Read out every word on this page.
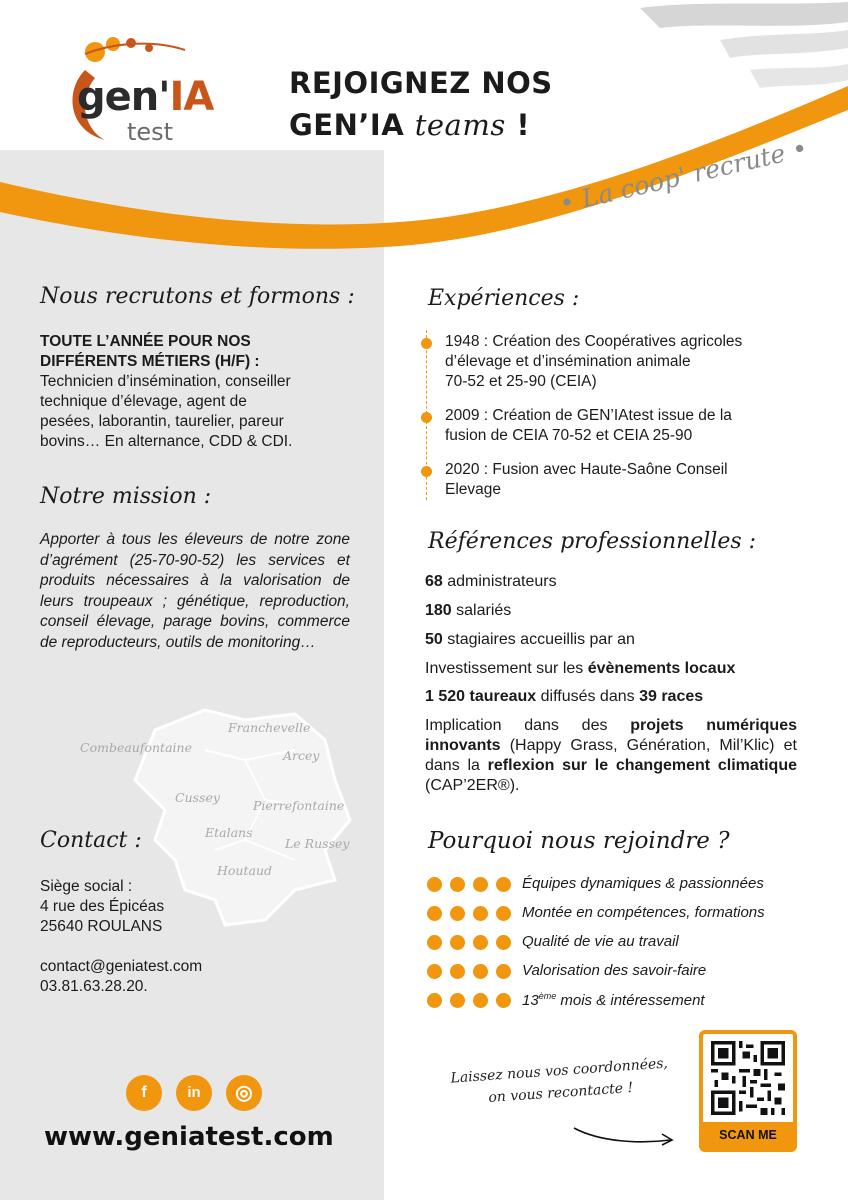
gen'IA
test
REJOIGNEZ NOS
GEN’IA teams !
• La coop' recrute •
Nous recrutons et formons :
TOUTE L’ANNÉE POUR NOS
DIFFÉRENTS MÉTIERS (H/F) :
Technicien d’insémination, conseiller
technique d’élevage, agent de
pesées, laborantin, taurelier, pareur
bovins… En alternance, CDD & CDI.
Notre mission :
Apporter à tous les éleveurs de notre zone d’agrément (25-70-90-52) les services et produits nécessaires à la valorisation de leurs troupeaux ; génétique, reproduction, conseil élevage, parage bovins, commerce de reproducteurs, outils de monitoring…
Franchevelle
Combeaufontaine
Arcey
Cussey
Pierrefontaine
Etalans
Le Russey
Houtaud
Contact :
Siège social :
4 rue des Épicéas
25640 ROULANS
contact@geniatest.com
03.81.63.28.20.
f	in	◎
www.geniatest.com
Expériences :
1948 : Création des Coopératives agricoles
d’élevage et d’insémination animale
70-52 et 25-90 (CEIA)
2009 : Création de GEN’IAtest issue de la
fusion de CEIA 70-52 et CEIA 25-90
2020 : Fusion avec Haute-Saône Conseil
Elevage
Références professionnelles :
68 administrateurs
180 salariés
50 stagiaires accueillis par an
Investissement sur les évènements locaux
1 520 taureaux diffusés dans 39 races
Implication dans des projets numériques innovants (Happy Grass, Génération, Mil’Klic) et dans la reflexion sur le changement climatique (CAP’2ER®).
Pourquoi nous rejoindre ?
Équipes dynamiques & passionnées
Montée en compétences, formations
Qualité de vie au travail
Valorisation des savoir-faire
13ème mois & intéressement
Laissez nous vos coordonnées,
on vous recontacte !
SCAN ME
